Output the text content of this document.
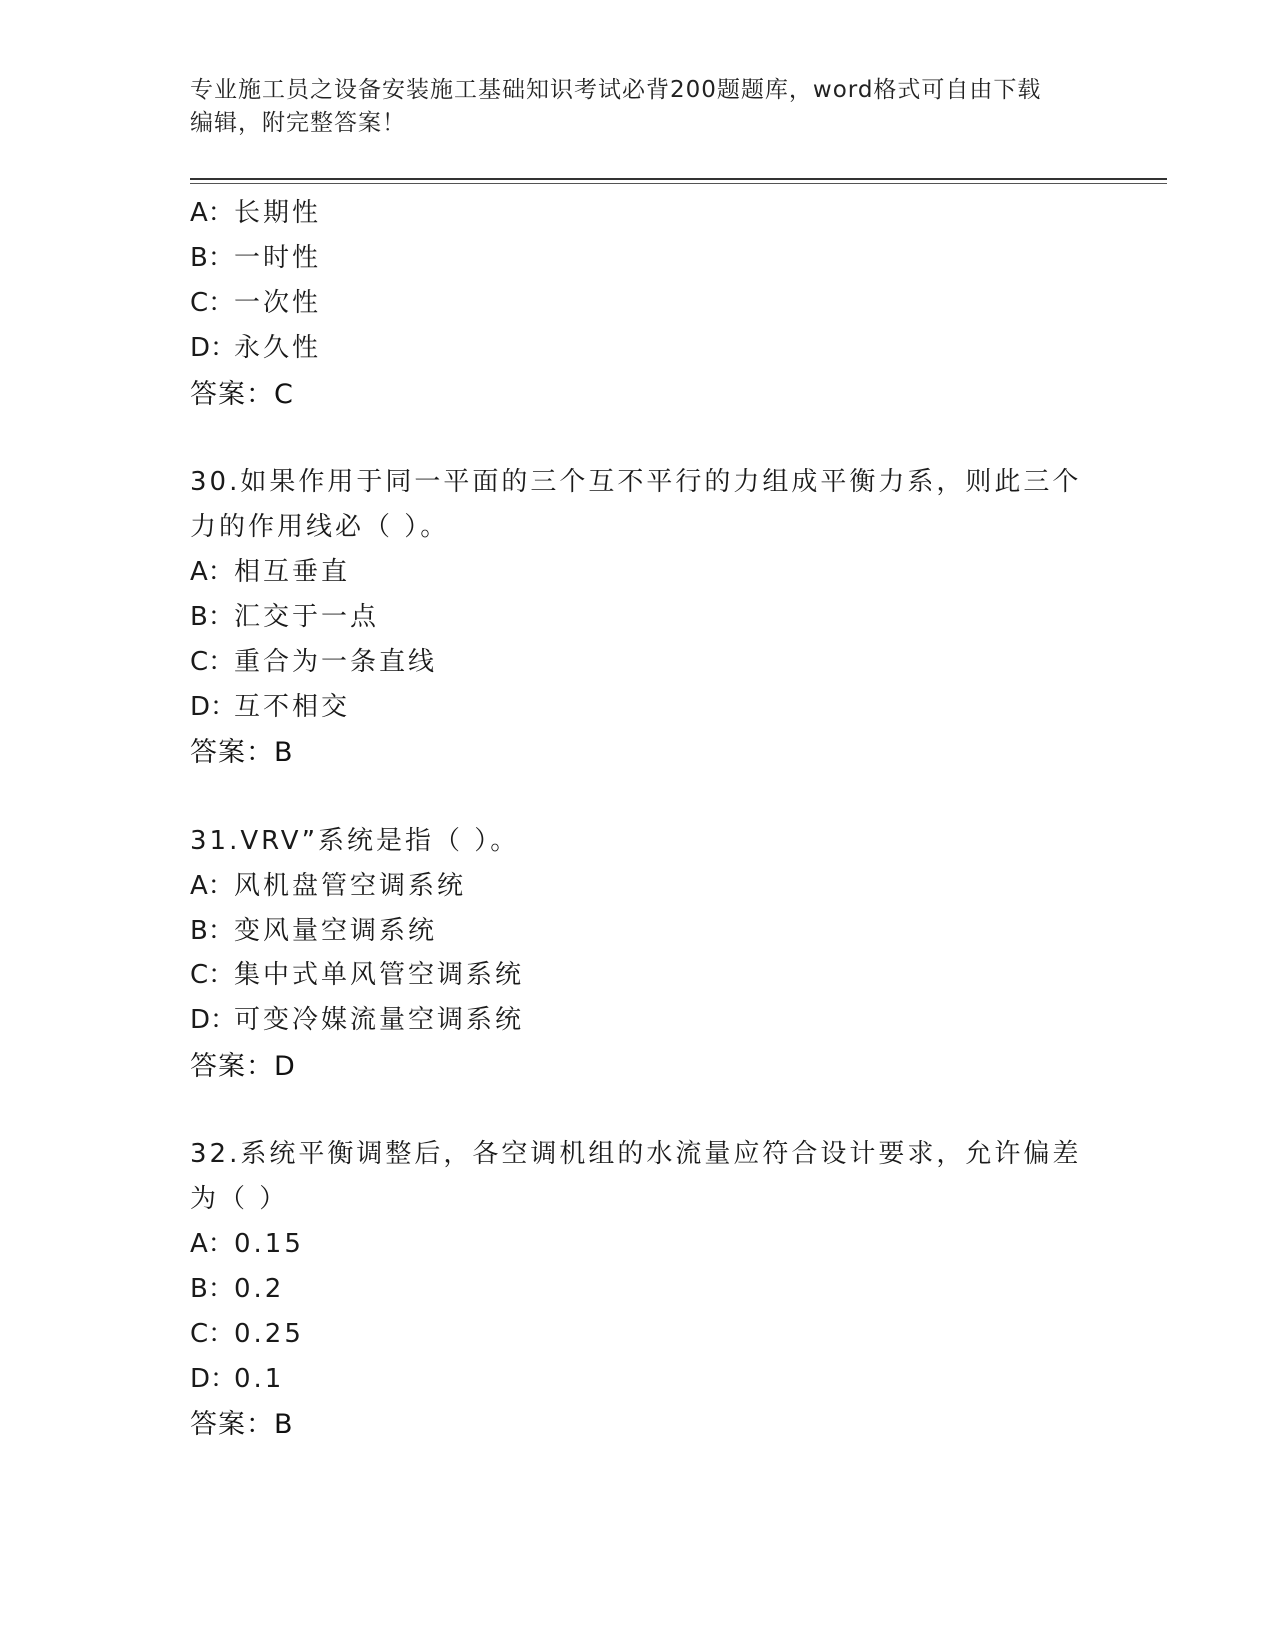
专业施工员之设备安装施工基础知识考试必背200题题库，word格式可自由下载
编辑，附完整答案！
A：长期性
B：一时性
C：一次性
D：永久性
答案：C
30.如果作用于同一平面的三个互不平行的力组成平衡力系，则此三个
力的作用线必（ ）。
A：相互垂直
B：汇交于一点
C：重合为一条直线
D：互不相交
答案：B
31.VRV”系统是指（ ）。
A：风机盘管空调系统
B：变风量空调系统
C：集中式单风管空调系统
D：可变冷媒流量空调系统
答案：D
32.系统平衡调整后，各空调机组的水流量应符合设计要求，允许偏差
为（ ）
A：0.15
B：0.2
C：0.25
D：0.1
答案：B
